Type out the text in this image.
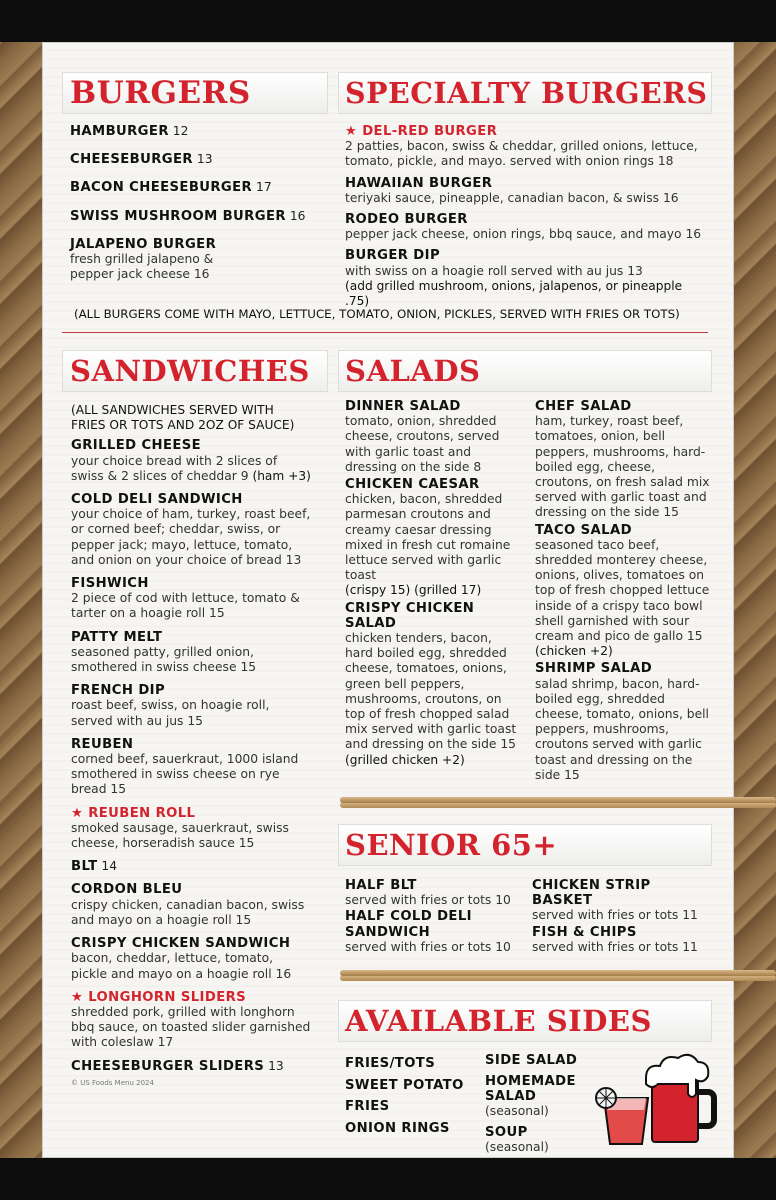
BURGERS
HAMBURGER 12
CHEESEBURGER 13
BACON CHEESEBURGER 17
SWISS MUSHROOM BURGER 16
JALAPENO BURGER
fresh grilled jalapeno &
pepper jack cheese 16
SPECIALTY BURGERS
★ DEL-RED BURGER
2 patties, bacon, swiss & cheddar, grilled onions, lettuce, tomato, pickle, and mayo. served with onion rings 18
HAWAIIAN BURGER
teriyaki sauce, pineapple, canadian bacon, & swiss 16
RODEO BURGER
pepper jack cheese, onion rings, bbq sauce, and mayo 16
BURGER DIP
with swiss on a hoagie roll served with au jus 13
(add grilled mushroom, onions, jalapenos, or pineapple .75)
(ALL BURGERS COME WITH MAYO, LETTUCE, TOMATO, ONION, PICKLES, SERVED WITH FRIES OR TOTS)
SANDWICHES
(ALL SANDWICHES SERVED WITH FRIES OR TOTS AND 2OZ OF SAUCE)
GRILLED CHEESE
your choice bread with 2 slices of swiss & 2 slices of cheddar 9 (ham +3)
COLD DELI SANDWICH
your choice of ham, turkey, roast beef, or corned beef; cheddar, swiss, or pepper jack; mayo, lettuce, tomato, and onion on your choice of bread 13
FISHWICH
2 piece of cod with lettuce, tomato & tarter on a hoagie roll 15
PATTY MELT
seasoned patty, grilled onion, smothered in swiss cheese 15
FRENCH DIP
roast beef, swiss, on hoagie roll, served with au jus 15
REUBEN
corned beef, sauerkraut, 1000 island smothered in swiss cheese on rye bread 15
★ REUBEN ROLL
smoked sausage, sauerkraut, swiss cheese, horseradish sauce 15
BLT 14
CORDON BLEU
crispy chicken, canadian bacon, swiss and mayo on a hoagie roll 15
CRISPY CHICKEN SANDWICH
bacon, cheddar, lettuce, tomato, pickle and mayo on a hoagie roll 16
★ LONGHORN SLIDERS
shredded pork, grilled with longhorn bbq sauce, on toasted slider garnished with coleslaw 17
CHEESEBURGER SLIDERS 13
© US Foods Menu 2024
SALADS
DINNER SALAD
tomato, onion, shredded cheese, croutons, served with garlic toast and dressing on the side 8
CHICKEN CAESAR
chicken, bacon, shredded parmesan croutons and creamy caesar dressing mixed in fresh cut romaine lettuce served with garlic toast
(crispy 15) (grilled 17)
CRISPY CHICKEN SALAD
chicken tenders, bacon, hard boiled egg, shredded cheese, tomatoes, onions, green bell peppers, mushrooms, croutons, on top of fresh chopped salad mix served with garlic toast and dressing on the side 15
(grilled chicken +2)
CHEF SALAD
ham, turkey, roast beef, tomatoes, onion, bell peppers, mushrooms, hard-boiled egg, cheese, croutons, on fresh salad mix served with garlic toast and dressing on the side 15
TACO SALAD
seasoned taco beef, shredded monterey cheese, onions, olives, tomatoes on top of fresh chopped lettuce inside of a crispy taco bowl shell garnished with sour cream and pico de gallo 15 (chicken +2)
SHRIMP SALAD
salad shrimp, bacon, hard-boiled egg, shredded cheese, tomato, onions, bell peppers, mushrooms, croutons served with garlic toast and dressing on the side 15
SENIOR 65+
HALF BLT
served with fries or tots 10
HALF COLD DELI SANDWICH
served with fries or tots 10
CHICKEN STRIP BASKET
served with fries or tots 11
FISH & CHIPS
served with fries or tots 11
AVAILABLE SIDES
FRIES/TOTS
SWEET POTATO FRIES
ONION RINGS
SIDE SALAD
HOMEMADE SALAD
(seasonal)
SOUP (seasonal)
